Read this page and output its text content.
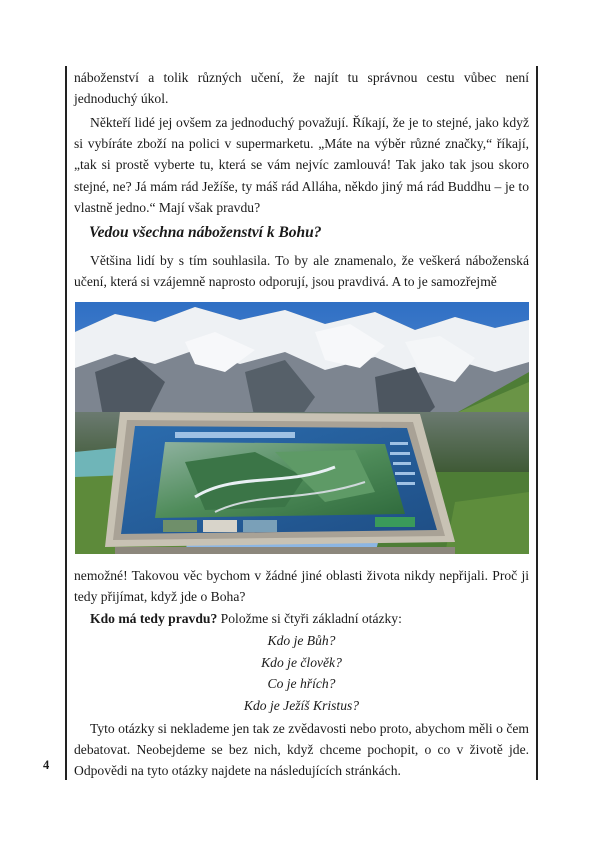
náboženství a tolik různých učení, že najít tu správnou cestu vůbec není jednoduchý úkol.

Někteří lidé jej ovšem za jednoduchý považují. Říkají, že je to stejné, jako když si vybíráte zboží na polici v supermarketu. „Máte na výběr různé značky,“ říkají, „tak si prostě vyberte tu, která se vám nejvíc zamlouvá! Tak jako tak jsou skoro stejné, ne? Já mám rád Ježíše, ty máš rád Alláha, někdo jiný má rád Buddhu – je to vlastně jedno.“ Mají však pravdu?

Vedou všechna náboženství k Bohu?

Většina lidí by s tím souhlasila. To by ale znamenalo, že veškerá náboženská učení, která si vzájemně naprosto odporují, jsou pravdivá. A to je samozřejmě

nemožné! Takovou věc bychom v žádné jiné oblasti života nikdy nepřijali. Proč ji tedy přijímat, když jde o Boha?

Kdo má tedy pravdu? Položme si čtyři základní otázky:

Kdo je Bůh?
Kdo je člověk?
Co je hřích?
Kdo je Ježíš Kristus?

Tyto otázky si neklademe jen tak ze zvědavosti nebo proto, abychom měli o čem debatovat. Neobejdeme se bez nich, když chceme pochopit, o co v životě jde. Odpovědi na tyto otázky najdete na následujících stránkách.

4
